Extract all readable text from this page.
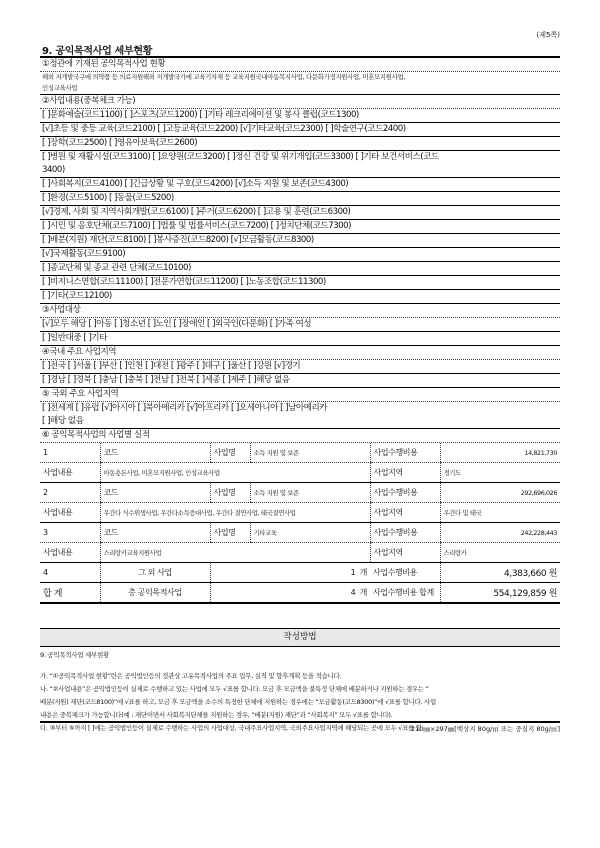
(제5쪽)
9. 공익목적사업 세부현황
①정관에 기재된 공익목적사업 현황
해외 저개발국구에 의약품 등 의료지원해외 저개발국가에 교육기자재 등 교육지원국내아동복지사업, 다문화가정지원사업, 미혼모지원사업,
인성교육사업
②사업내용(중복체크 가능)
[ ]문화예술(코드1100) [ ]스포츠(코드1200) [ ]기타 레크리에이션 및 봉사 클럽(코드1300)
[√]초등 및 중등 교육(코드2100) [ ]고등교육(코드2200) [√]기타교육(코드2300) [ ]학술연구(코드2400)
[ ]장학(코드2500) [ ]영유아보육(코드2600)
[ ]병원 및 재활시설(코드3100) [ ]요양원(코드3200) [ ]정신 건강 및 위기개입(코드3300) [ ]기타 보건서비스(코드
3400)
[ ]사회복지(코드4100) [ ]긴급상황 및 구호(코드4200) [√]소득 지원 및 보존(코드4300)
[ ]환경(코드5100) [ ]동물(코드5200)
[√]경제, 사회 및 지역사회개발(코드6100) [ ]주거(코드6200) [ ]고용 및 훈련(코드6300)
[ ]시민 및 옹호단체(코드7100) [ ]법률 및 법률서비스(코드7200) [ ]정치단체(코드7300)
[ ]배분(지원) 재단(코드8100) [ ]봉사증진(코드8200) [√]모금활동(코드8300)
[√]국제활동(코드9100)
[ ]종교단체 및 종교 관련 단체(코드10100)
[ ]비지니스연합(코드11100) [ ]전문가연합(코드11200) [ ]노동조합(코드11300)
[ ]기타(코드12100)
③사업대상
[√]모두 해당 [ ]아동 [ ]청소년 [ ]노인 [ ]장애인 [ ]외국인(다문화) [ ]가족 여성
[ ]일반대중 [ ]기타
④국내 주요 사업지역
[ ]전국 [ ]서울 [ ]부산 [ ]인천 [ ]대전 [ ]광주 [ ]대구 [ ]울산 [ ]강원 [√]경기
[ ]경남 [ ]경북 [ ]충남 [ ]충북 [ ]전남 [ ]전북 [ ]세종 [ ]제주 [ ]해당 없음
⑤ 국외 주요 사업지역
[ ]전세계 [ ]유럽 [√]아시아 [ ]북아메리카 [√]아프리카 [ ]오세아니아 [ ]남아메리카
[ ]해당 없음
⑥ 공익목적사업의 사업별 실적
1	코드	사업명	소득 지원 및 보존	사업수행비용	14,821,730
사업내용	아동용돈사업, 미혼모지원사업, 인성교육사업			사업지역	경기도
2	코드	사업명	소득 지원 및 보존	사업수행비용	292,696,026
사업내용	우간다 식수위생사업, 우간다소득증대사업, 우간다 결연사업, 태국결연사업			사업지역	우간다 및 태국
3	코드	사업명	기타교육	사업수행비용	242,228,443
사업내용	스리랑카교육지원사업			사업지역	스리랑카
4	그 외 사업	1 개		사업수행비용	4,383,660 원
합 계	총 공익목적사업	4 개		사업수행비용 합계	554,129,859 원
작성방법

9. 공익목적사업 세부현황

가. “①공익목적사업 현황”란은 공익법인등의 정관상 고유목적사업의 주요 업무, 실적 및 향후계획 등을 적습니다.

나. “②사업내용”은 공익법인등이 실제로 수행하고 있는 사업에 모두 √표를 합니다. 모금 후 모금액을 불특정 단체에 배분하거나 지원하는 경우는 “

배분(지원) 재단(코드8100)”에 √표를 하고, 모금 후 모금액을 소수의 특정한 단체에 지원하는 경우에는 “모금활동(코드8300)”에 √표를 합니다. 사업

내용은 중복체크가 가능합니다(예 : 재단이면서 사회복지단체를 지원하는 경우, “배분(지원) 재단”과 “사회복지” 모두 √표를 합니다).

다. ③부터 ⑤까지 [ ]에는 공익법인등이 실제로 수행하는 사업의 사업대상, 국내주요사업지역, 국외주요사업지역에 해당되는 곳에 모두 √표를 합

210㎜×297㎜[백상지 80g/㎡ 또는 중질지 80g/㎡]
